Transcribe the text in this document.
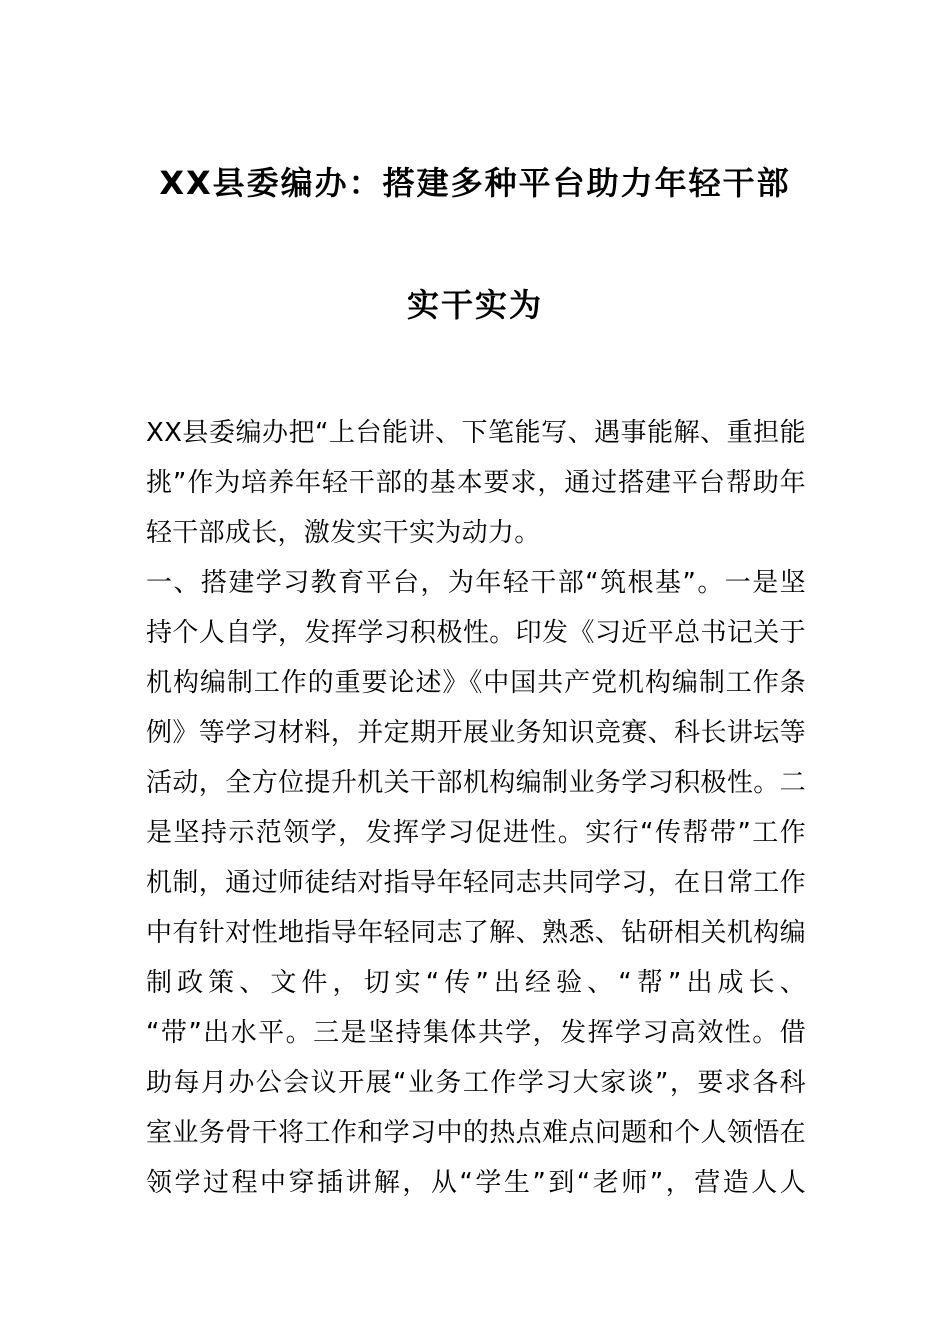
XX县委编办：搭建多种平台助力年轻干部
实干实为
XX县委编办把“上台能讲、下笔能写、遇事能解、重担能
挑”作为培养年轻干部的基本要求，通过搭建平台帮助年
轻干部成长，激发实干实为动力。
一、搭建学习教育平台，为年轻干部“筑根基”。一是坚
持个人自学，发挥学习积极性。印发《习近平总书记关于
机构编制工作的重要论述》《中国共产党机构编制工作条
例》等学习材料，并定期开展业务知识竞赛、科长讲坛等
活动，全方位提升机关干部机构编制业务学习积极性。二
是坚持示范领学，发挥学习促进性。实行“传帮带”工作
机制，通过师徒结对指导年轻同志共同学习，在日常工作
中有针对性地指导年轻同志了解、熟悉、钻研相关机构编
制政策、文件，切实“传”出经验、“帮”出成长、
“带”出水平。三是坚持集体共学，发挥学习高效性。借
助每月办公会议开展“业务工作学习大家谈”，要求各科
室业务骨干将工作和学习中的热点难点问题和个人领悟在
领学过程中穿插讲解，从“学生”到“老师”，营造人人
